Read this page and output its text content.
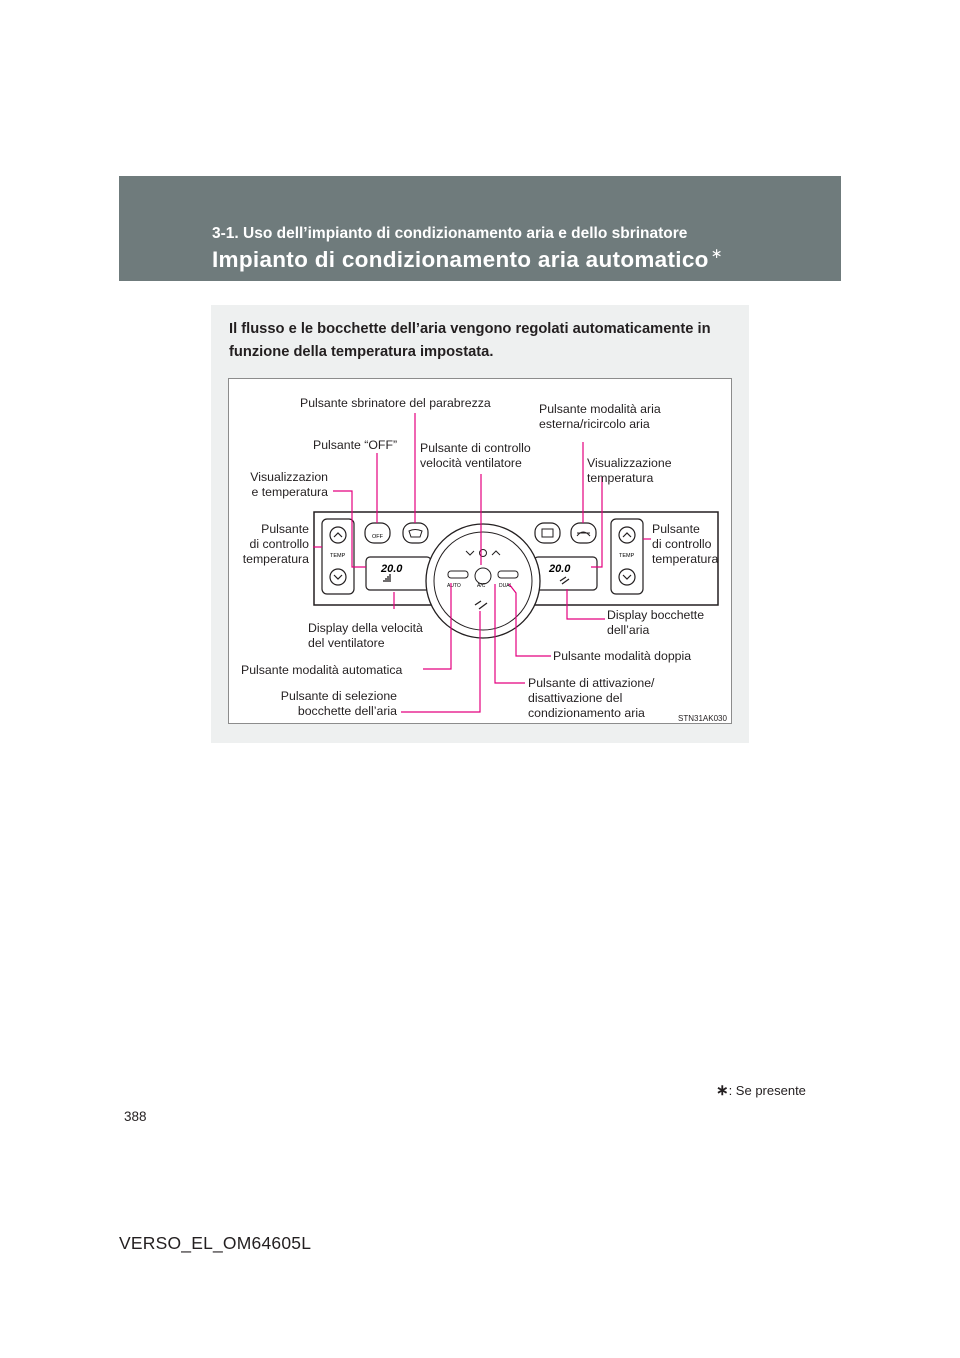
3-1. Uso dell’impianto di condizionamento aria e dello sbrinatore
Impianto di condizionamento aria automatico ∗
Il flusso e le bocchette dell’aria vengono regolati automaticamente in funzione della temperatura impostata.
TEMP	TEMP
OFF
20.0	20.0
AUTO	A/C	DUAL
Pulsante sbrinatore del parabrezza	Pulsante modalità aria
esterna/ricircolo aria
Pulsante “OFF” Pulsante di controllo
velocità ventilatore
Visualizzazion
e temperatura
Visualizzazione
temperatura
Pulsante
di controllo
temperatura
Pulsante
di controllo
temperatura
Display bocchette
dell’aria
Display della velocità
del ventilatore
Pulsante modalità doppia
Pulsante modalità automatica
Pulsante di attivazione/
disattivazione del
condizionamento aria
Pulsante di selezione
bocchette dell’aria
STN31AK030
∗: Se presente
388
VERSO_EL_OM64605L
